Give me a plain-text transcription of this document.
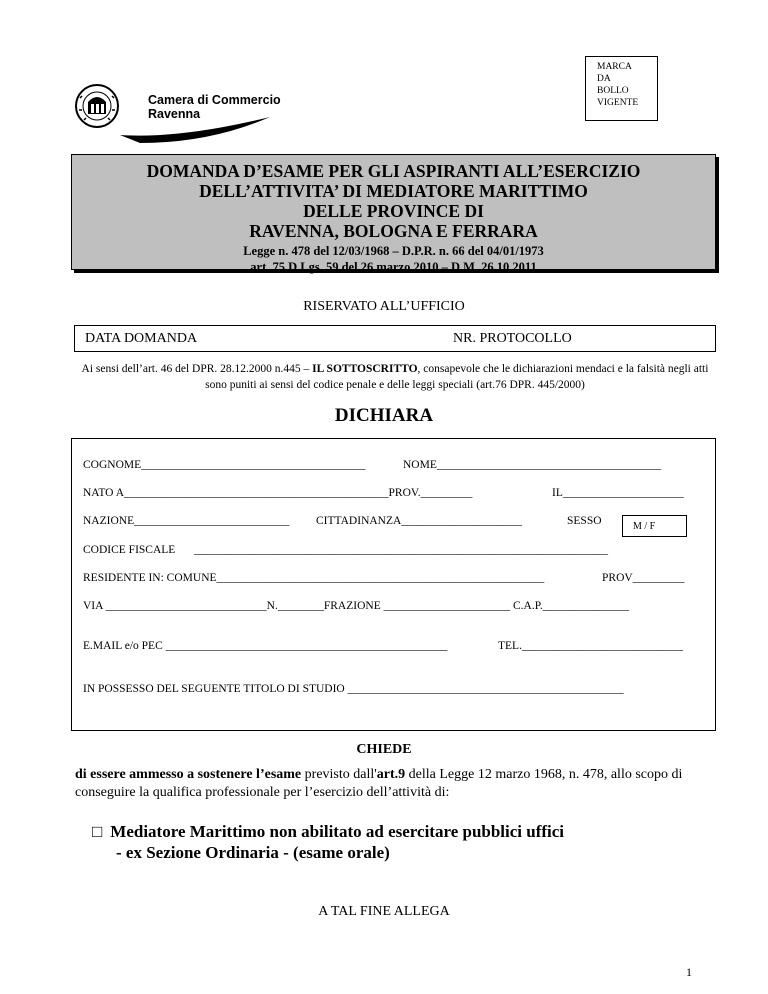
Camera di Commercio
Ravenna
MARCA
DA
BOLLO
VIGENTE
DOMANDA D’ESAME PER GLI ASPIRANTI ALL’ESERCIZIO
DELL’ATTIVITA’ DI MEDIATORE MARITTIMO
DELLE PROVINCE DI
RAVENNA, BOLOGNA E FERRARA
Legge n. 478 del 12/03/1968 – D.P.R. n. 66 del 04/01/1973
art. 75 D.Lgs. 59 del 26 marzo 2010 – D.M. 26.10.2011
RISERVATO ALL’UFFICIO
DATA DOMANDA	NR. PROTOCOLLO
Ai sensi dell’art. 46 del DPR. 28.12.2000 n.445 – IL SOTTOSCRITTO, consapevole che le dichiarazioni mendaci e la falsità negli atti sono puniti ai sensi del codice penale e delle leggi speciali (art.76 DPR. 445/2000)
DICHIARA
COGNOME_______________________________________	NOME_______________________________________
NATO A______________________________________________PROV._________	IL_____________________
NAZIONE___________________________ CITTADINANZA_____________________	SESSO	M / F
CODICE FISCALE ________________________________________________________________________
RESIDENTE IN: COMUNE_________________________________________________________	PROV_________
VIA ____________________________N.________FRAZIONE ______________________ C.A.P._______________
E.MAIL e/o PEC _________________________________________________	TEL.____________________________
IN POSSESSO DEL SEGUENTE TITOLO DI STUDIO ________________________________________________
CHIEDE
di essere ammesso a sostenere l’esame previsto dall'art.9 della Legge 12 marzo 1968, n. 478, allo scopo di conseguire la qualifica professionale per l’esercizio dell’attività di:
□ Mediatore Marittimo non abilitato ad esercitare pubblici uffici
- ex Sezione Ordinaria - (esame orale)
A TAL FINE ALLEGA
1
